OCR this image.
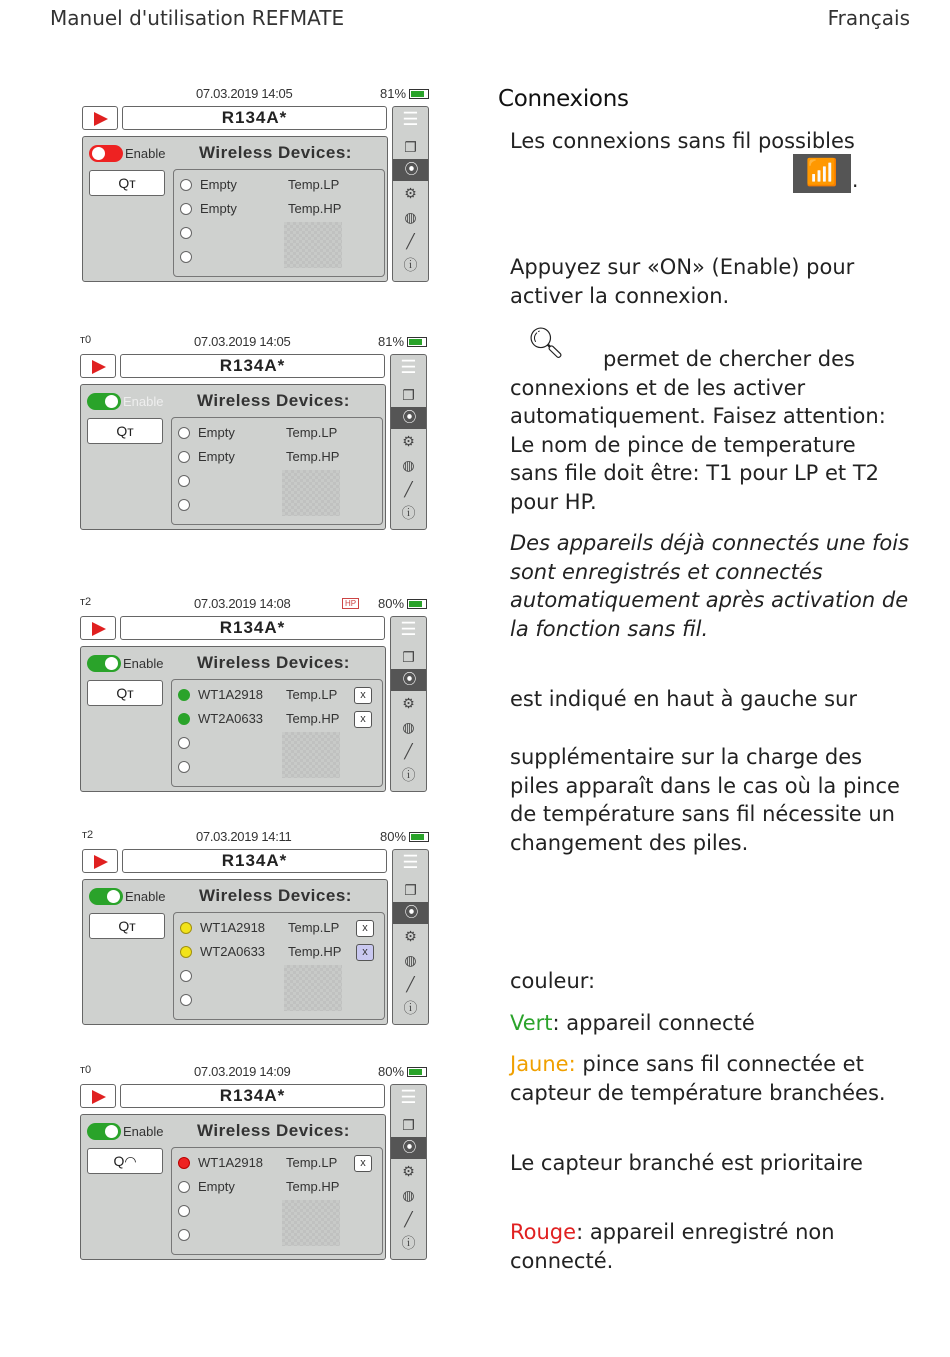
Manuel d'utilisation REFMATE	Français
07.03.2019 14:05	81%
R134A*	☰
❐
⦿
⚙
◍
╱
ⓘ
Enable Wireless Devices:
Qᴛ	Empty	Temp.LP
Empty	Temp.HP
ᴛ0	07.03.2019 14:05	81%
R134A*	☰
❐
⦿
⚙
◍
╱
ⓘ
Enable Wireless Devices:
Qᴛ	Empty	Temp.LP
Empty	Temp.HP
ᴛ2	07.03.2019 14:08	HP 80%
R134A*	☰
❐
⦿
⚙
◍
╱
ⓘ
Enable Wireless Devices:
Qᴛ	WT1A2918 Temp.LP	x
WT2A0633 Temp.HP	x
ᴛ2	07.03.2019 14:11	80%
R134A*	☰
❐
⦿
⚙
◍
╱
ⓘ
Enable Wireless Devices:
Qᴛ	WT1A2918 Temp.LP	x
WT2A0633 Temp.HP	x
ᴛ0	07.03.2019 14:09	80%
R134A*	☰
❐
⦿
⚙
◍
╱
ⓘ
Enable Wireless Devices:
Q◠	WT1A2918 Temp.LP	x
Empty	Temp.HP
Connexions
Les connexions sans fil possibles
📶 .
Appuyez sur «ON» (Enable) pour activer la connexion.
🔍︎	permet de chercher des connexions et de les activer automatiquement. Faisez attention: Le nom de pince de temperature sans file doit être: T1 pour LP et T2 pour HP.
Des appareils déjà connectés une fois sont enregistrés et connectés automatiquement après activation de la fonction sans fil.
est indiqué en haut à gauche sur
supplémentaire sur la charge des piles apparaît dans le cas où la pince de température sans fil nécessite un changement des piles.
couleur:
Vert: appareil connecté
Jaune: pince sans fil connectée et capteur de température branchées.
Le capteur branché est prioritaire
Rouge: appareil enregistré non connecté.
